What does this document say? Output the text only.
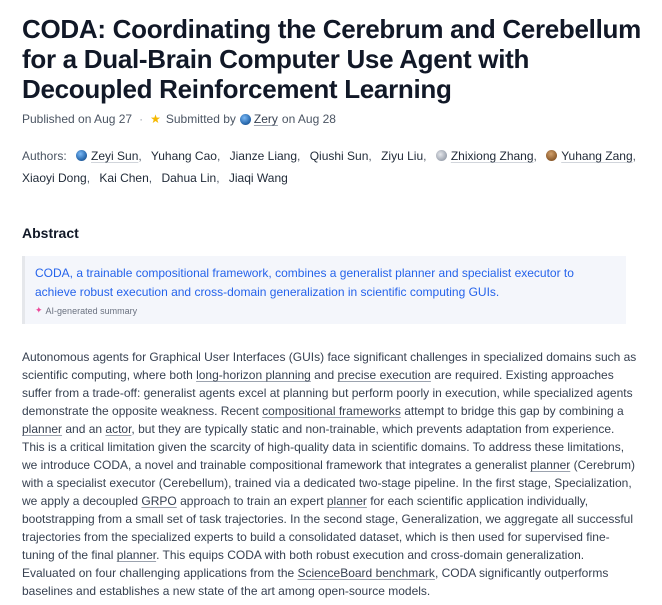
CODA: Coordinating the Cerebrum and Cerebellum for a Dual-Brain Computer Use Agent with Decoupled Reinforcement Learning
Published on Aug 27 · ★ Submitted by Zery on Aug 28
Authors: Zeyi Sun, Yuhang Cao, Jianze Liang, Qiushi Sun, Ziyu Liu, Zhixiong Zhang, Yuhang Zang, Xiaoyi Dong, Kai Chen, Dahua Lin, Jiaqi Wang
Abstract
CODA, a trainable compositional framework, combines a generalist planner and specialist executor to achieve robust execution and cross-domain generalization in scientific computing GUIs.
✦ AI-generated summary

Autonomous agents for Graphical User Interfaces (GUIs) face significant challenges in specialized domains such as scientific computing, where both long-horizon planning and precise execution are required. Existing approaches suffer from a trade-off: generalist agents excel at planning but perform poorly in execution, while specialized agents demonstrate the opposite weakness. Recent compositional frameworks attempt to bridge this gap by combining a planner and an actor, but they are typically static and non-trainable, which prevents adaptation from experience. This is a critical limitation given the scarcity of high-quality data in scientific domains. To address these limitations, we introduce CODA, a novel and trainable compositional framework that integrates a generalist planner (Cerebrum) with a specialist executor (Cerebellum), trained via a dedicated two-stage pipeline. In the first stage, Specialization, we apply a decoupled GRPO approach to train an expert planner for each scientific application individually, bootstrapping from a small set of task trajectories. In the second stage, Generalization, we aggregate all successful trajectories from the specialized experts to build a consolidated dataset, which is then used for supervised fine-tuning of the final planner. This equips CODA with both robust execution and cross-domain generalization. Evaluated on four challenging applications from the ScienceBoard benchmark, CODA significantly outperforms baselines and establishes a new state of the art among open-source models.
